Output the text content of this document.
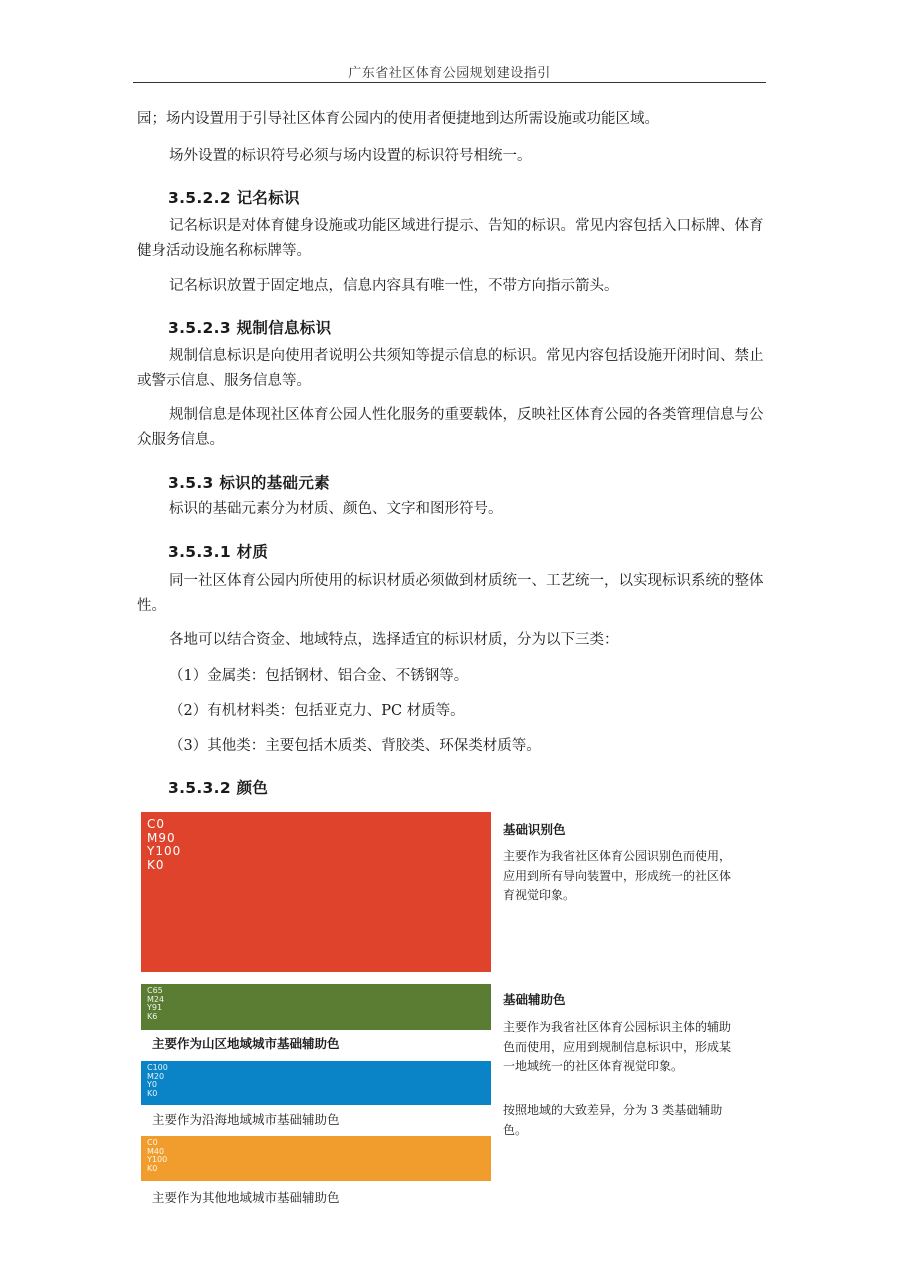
广东省社区体育公园规划建设指引
园；场内设置用于引导社区体育公园内的使用者便捷地到达所需设施或功能区域。
场外设置的标识符号必须与场内设置的标识符号相统一。
3.5.2.2 记名标识
记名标识是对体育健身设施或功能区域进行提示、告知的标识。常见内容包括入口标牌、体育健身活动设施名称标牌等。
记名标识放置于固定地点，信息内容具有唯一性，不带方向指示箭头。
3.5.2.3 规制信息标识
规制信息标识是向使用者说明公共须知等提示信息的标识。常见内容包括设施开闭时间、禁止或警示信息、服务信息等。
规制信息是体现社区体育公园人性化服务的重要载体，反映社区体育公园的各类管理信息与公众服务信息。
3.5.3 标识的基础元素
标识的基础元素分为材质、颜色、文字和图形符号。
3.5.3.1 材质
同一社区体育公园内所使用的标识材质必须做到材质统一、工艺统一，以实现标识系统的整体性。
各地可以结合资金、地域特点，选择适宜的标识材质，分为以下三类：
（1）金属类：包括钢材、铝合金、不锈钢等。
（2）有机材料类：包括亚克力、PC 材质等。
（3）其他类：主要包括木质类、背胶类、环保类材质等。
3.5.3.2 颜色
C0
M90
Y100
K0
C65
M24
Y91
K6
主要作为山区地域城市基础辅助色
C100
M20
Y0
K0
主要作为沿海地域城市基础辅助色
C0
M40
Y100
K0
主要作为其他地域城市基础辅助色
基础识别色
主要作为我省社区体育公园识别色而使用，应用到所有导向装置中，形成统一的社区体育视觉印象。
基础辅助色
主要作为我省社区体育公园标识主体的辅助色而使用，应用到规制信息标识中，形成某一地域统一的社区体育视觉印象。
按照地域的大致差异，分为 3 类基础辅助色。
